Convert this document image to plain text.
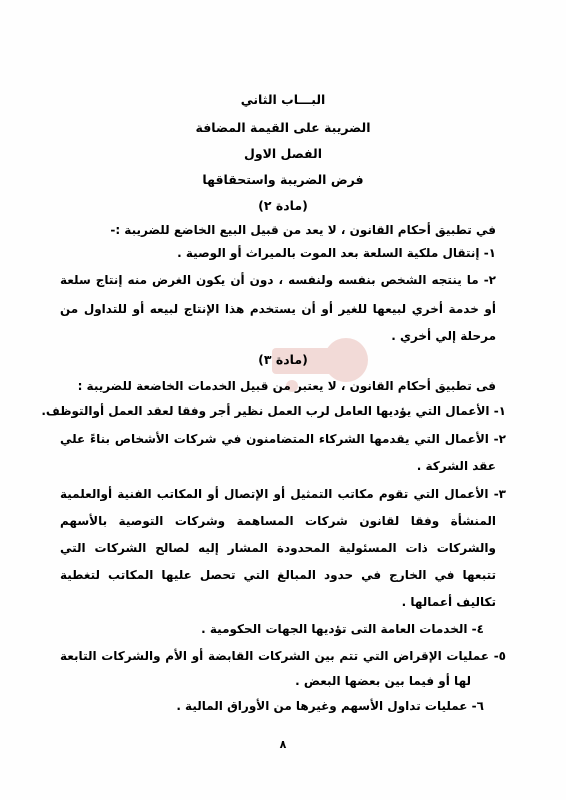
البـــاب الثاني
الضريبة على القيمة المضافة
الفصل الاول
فرض الضريبة واستحقاقها
(مادة ٢)
في تطبيق أحكام القانون ، لا يعد من قبيل البيع الخاضع للضريبة :-
١- إنتقال ملكية السلعة بعد الموت بالميراث أو الوصية .
٢- ما ينتجه الشخص بنفسه ولنفسه ، دون أن يكون الغرض منه إنتاج سلعة
أو خدمة أخري لبيعها للغير أو أن يستخدم هذا الإنتاج لبيعه أو للتداول من
مرحلة إلي أخري .
(مادة ٣)
فى تطبيق أحكام القانون ، لا يعتبر من قبيل الخدمات الخاضعة للضريبة :
١- الأعمال التي يؤديها العامل لرب العمل نظير أجر وفقا لعقد العمل أوالتوظف.
٢- الأعمال التي يقدمها الشركاء المتضامنون في شركات الأشخاص بناءً علي
عقد الشركة .
٣- الأعمال التي تقوم مكاتب التمثيل أو الإتصال أو المكاتب الفنية أوالعلمية
المنشأة وفقا لقانون شركات المساهمة وشركات التوصية بالأسهم
والشركات ذات المسئولية المحدودة المشار إليه لصالح الشركات التي
تتبعها في الخارج في حدود المبالغ التي تحصل عليها المكاتب لتغطية
تكاليف أعمالها .
٤- الخدمات العامة التى تؤديها الجهات الحكومية .
٥- عمليات الإقراض التي تتم بين الشركات القابضة أو الأم والشركات التابعة
لها أو فيما بين بعضها البعض .
٦- عمليات تداول الأسهم وغيرها من الأوراق المالية .
٨
